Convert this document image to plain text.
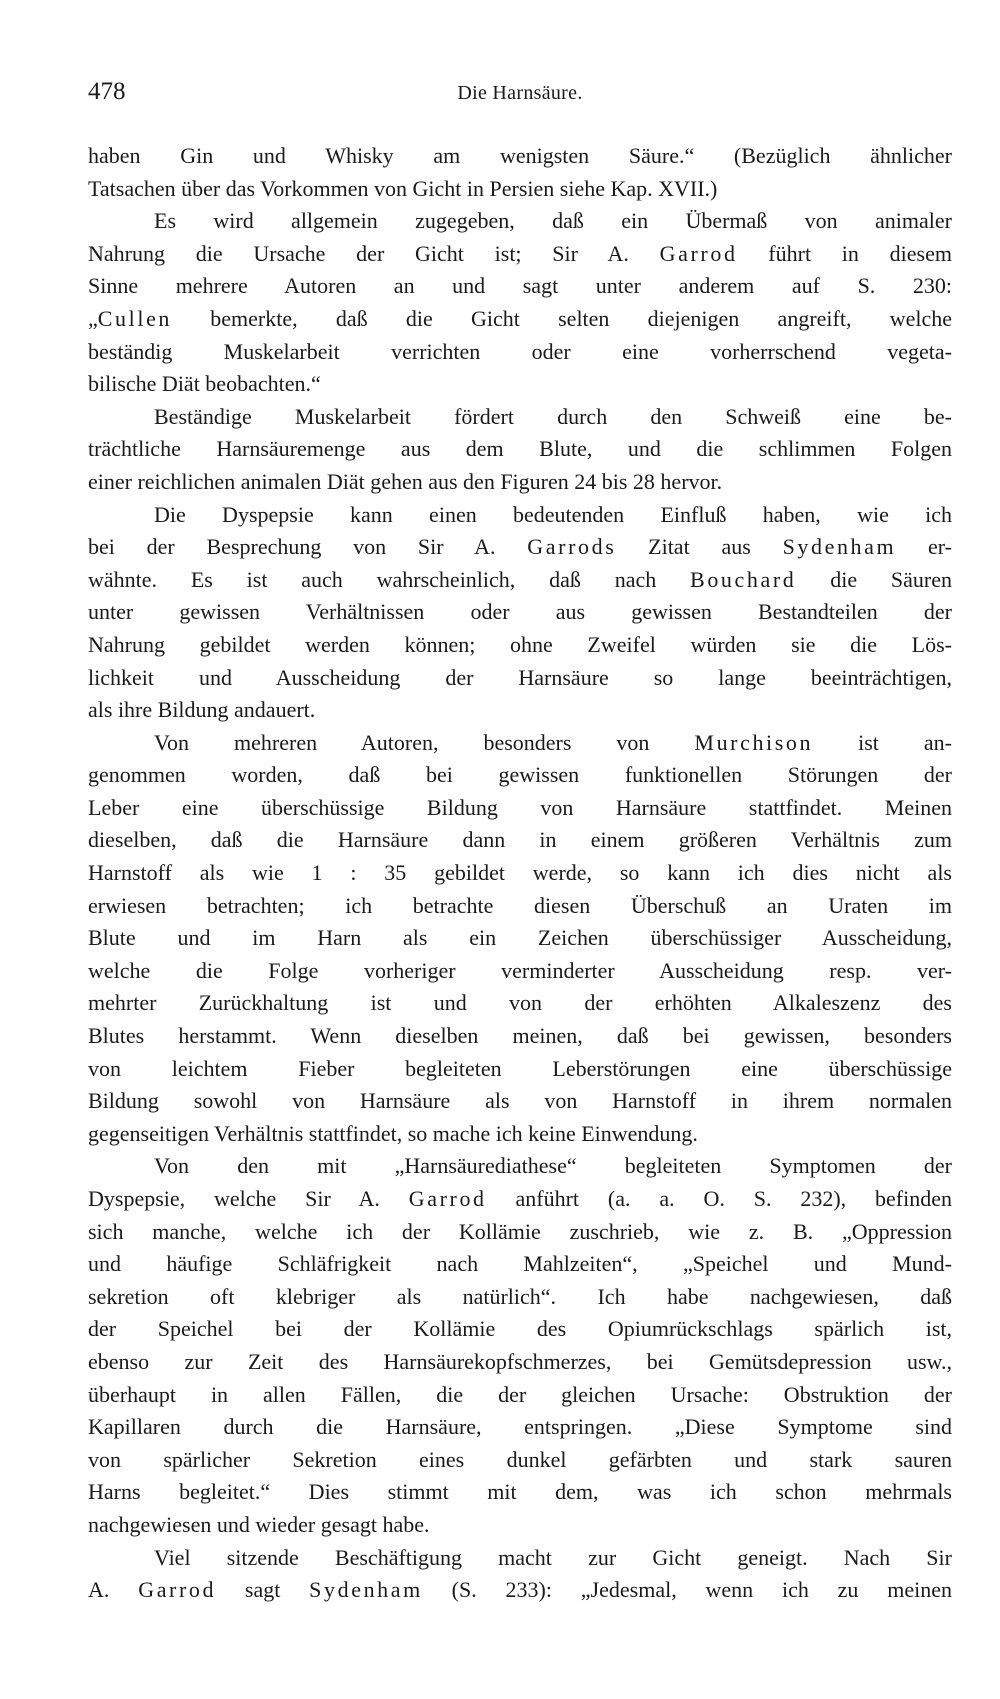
478	Die Harnsäure.
haben Gin und Whisky am wenigsten Säure.“ (Bezüglich ähnlicher
Tatsachen über das Vorkommen von Gicht in Persien siehe Kap. XVII.)
Es wird allgemein zugegeben, daß ein Übermaß von animaler
Nahrung die Ursache der Gicht ist; Sir A. Garrod führt in diesem
Sinne mehrere Autoren an und sagt unter anderem auf S. 230:
„Cullen bemerkte, daß die Gicht selten diejenigen angreift, welche
beständig Muskelarbeit verrichten oder eine vorherrschend vegeta-
bilische Diät beobachten.“
Beständige Muskelarbeit fördert durch den Schweiß eine be-
trächtliche Harnsäuremenge aus dem Blute, und die schlimmen Folgen
einer reichlichen animalen Diät gehen aus den Figuren 24 bis 28 hervor.
Die Dyspepsie kann einen bedeutenden Einfluß haben, wie ich
bei der Besprechung von Sir A. Garrods Zitat aus Sydenham er-
wähnte. Es ist auch wahrscheinlich, daß nach Bouchard die Säuren
unter gewissen Verhältnissen oder aus gewissen Bestandteilen der
Nahrung gebildet werden können; ohne Zweifel würden sie die Lös-
lichkeit und Ausscheidung der Harnsäure so lange beeinträchtigen,
als ihre Bildung andauert.
Von mehreren Autoren, besonders von Murchison ist an-
genommen worden, daß bei gewissen funktionellen Störungen der
Leber eine überschüssige Bildung von Harnsäure stattfindet. Meinen
dieselben, daß die Harnsäure dann in einem größeren Verhältnis zum
Harnstoff als wie 1 : 35 gebildet werde, so kann ich dies nicht als
erwiesen betrachten; ich betrachte diesen Überschuß an Uraten im
Blute und im Harn als ein Zeichen überschüssiger Ausscheidung,
welche die Folge vorheriger verminderter Ausscheidung resp. ver-
mehrter Zurückhaltung ist und von der erhöhten Alkaleszenz des
Blutes herstammt. Wenn dieselben meinen, daß bei gewissen, besonders
von leichtem Fieber begleiteten Leberstörungen eine überschüssige
Bildung sowohl von Harnsäure als von Harnstoff in ihrem normalen
gegenseitigen Verhältnis stattfindet, so mache ich keine Einwendung.
Von den mit „Harnsäurediathese“ begleiteten Symptomen der
Dyspepsie, welche Sir A. Garrod anführt (a. a. O. S. 232), befinden
sich manche, welche ich der Kollämie zuschrieb, wie z. B. „Oppression
und häufige Schläfrigkeit nach Mahlzeiten“, „Speichel und Mund-
sekretion oft klebriger als natürlich“. Ich habe nachgewiesen, daß
der Speichel bei der Kollämie des Opiumrückschlags spärlich ist,
ebenso zur Zeit des Harnsäurekopfschmerzes, bei Gemütsdepression usw.,
überhaupt in allen Fällen, die der gleichen Ursache: Obstruktion der
Kapillaren durch die Harnsäure, entspringen. „Diese Symptome sind
von spärlicher Sekretion eines dunkel gefärbten und stark sauren
Harns begleitet.“ Dies stimmt mit dem, was ich schon mehrmals
nachgewiesen und wieder gesagt habe.
Viel sitzende Beschäftigung macht zur Gicht geneigt. Nach Sir
A. Garrod sagt Sydenham (S. 233): „Jedesmal, wenn ich zu meinen
